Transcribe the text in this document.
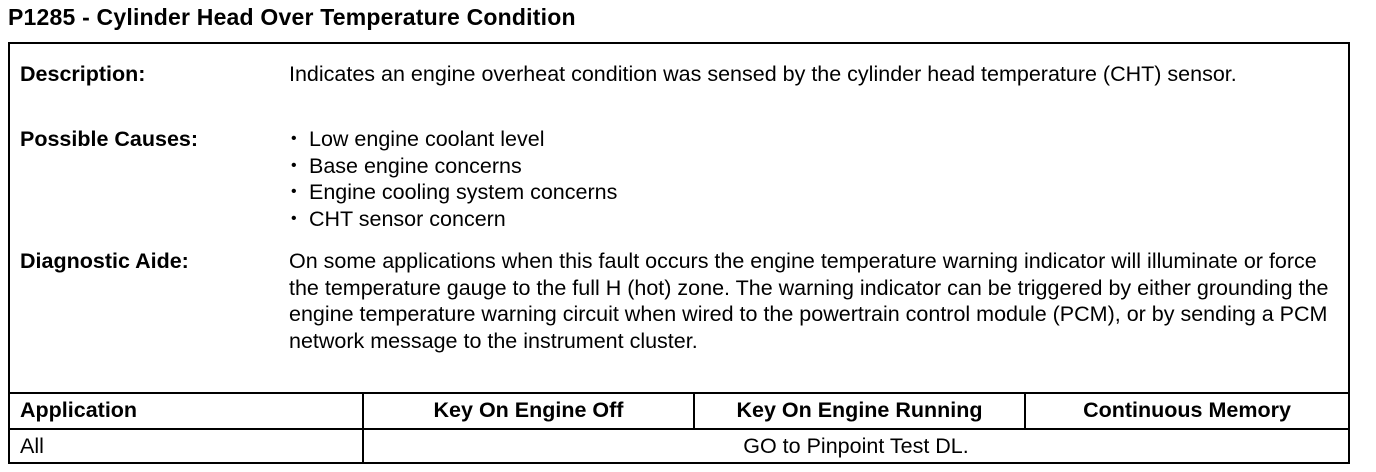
P1285 - Cylinder Head Over Temperature Condition
Description:	Indicates an engine overheat condition was sensed by the cylinder head temperature (CHT) sensor.
Possible Causes:
•	Low engine coolant level
• Base engine concerns
• Engine cooling system concerns
• CHT sensor concern
Diagnostic Aide:	On some applications when this fault occurs the engine temperature warning indicator will illuminate or force the temperature gauge to the full H (hot) zone. The warning indicator can be triggered by either grounding the engine temperature warning circuit when wired to the powertrain control module (PCM), or by sending a PCM network message to the instrument cluster.
Application	Key On Engine Off	Key On Engine Running	Continuous Memory
All	GO to Pinpoint Test DL.
